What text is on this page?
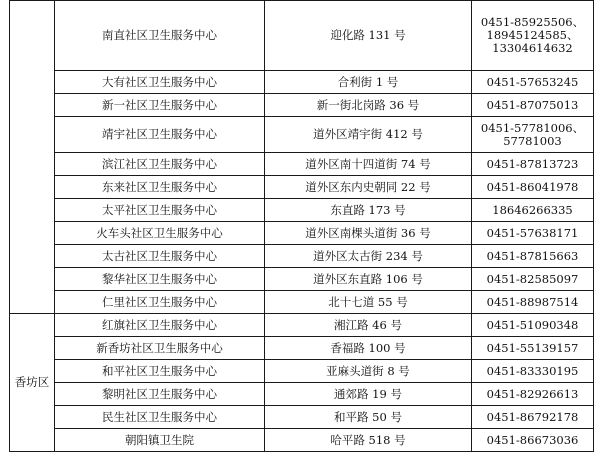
	南直社区卫生服务中心	迎化路 131 号	0451-85925506、
18945124585、
13304614632

	大有社区卫生服务中心	合利街 1 号	0451-57653245

	新一社区卫生服务中心	新一街北岗路 36 号	0451-87075013

	靖宇社区卫生服务中心	道外区靖宇街 412 号	0451-57781006、
57781003

	滨江社区卫生服务中心	道外区南十四道街 74 号	0451-87813723

	东来社区卫生服务中心	道外区东内史朝同 22 号	0451-86041978

	太平社区卫生服务中心	东直路 173 号	18646266335

	火车头社区卫生服务中心	道外区南棵头道街 36 号	0451-57638171

	太古社区卫生服务中心	道外区太古街 234 号	0451-87815663

	黎华社区卫生服务中心	道外区东直路 106 号	0451-82585097

	仁里社区卫生服务中心	北十七道 55 号	0451-88987514

香坊区	红旗社区卫生服务中心	湘江路 46 号	0451-51090348

	新香坊社区卫生服务中心	香福路 100 号	0451-55139157

	和平社区卫生服务中心	亚麻头道街 8 号	0451-83330195

	黎明社区卫生服务中心	通郊路 19 号	0451-82926613

	民生社区卫生服务中心	和平路 50 号	0451-86792178

	朝阳镇卫生院	哈平路 518 号	0451-86673036
